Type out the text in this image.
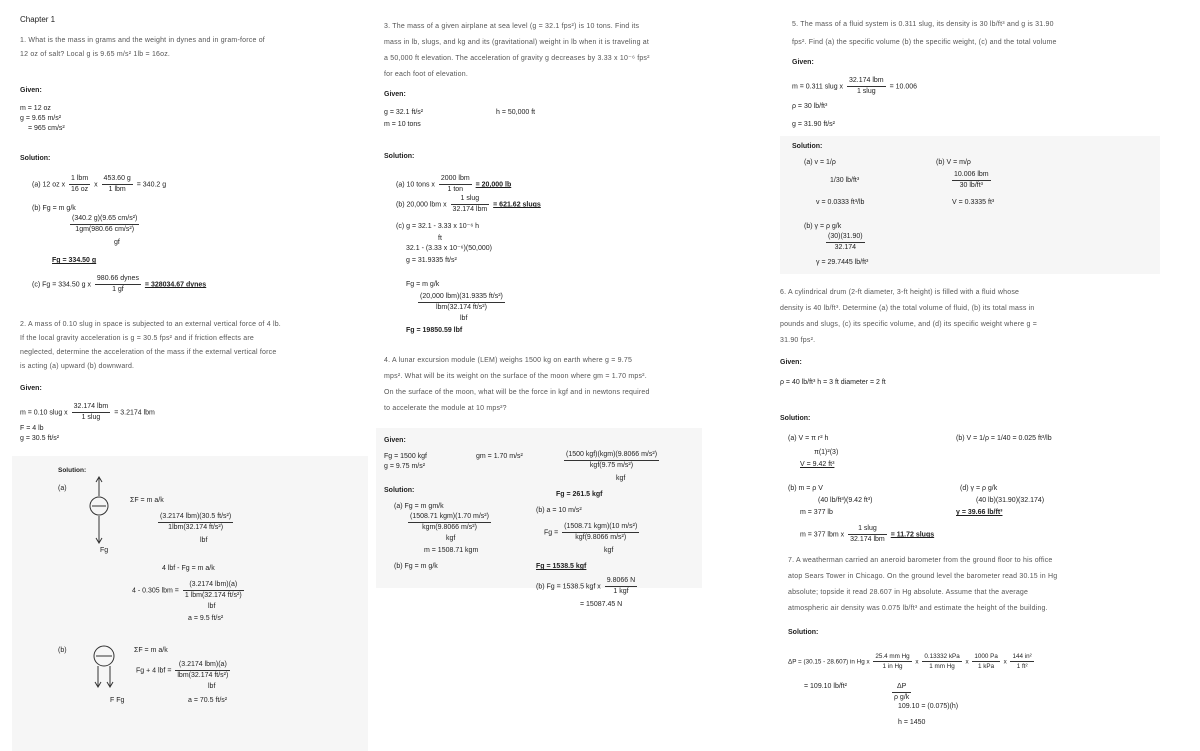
Chapter 1
1. What is the mass in grams and the weight in dynes and in gram-force of
12 oz of salt? Local g is 9.65 m/s² 1lb = 16oz.
Given:
m = 12 oz
g = 9.65 m/s²
= 965 cm/s²
Solution:
(a) 12 oz x $\frac{\text{1 lbm}}{16 oz}$ x $\frac{453.60 g}{\text{1 lbm}} = 340.2$ g
(b) Fg = m g/k
$\frac{\text{(340.2 g)(9.65 cm/s²)}}{\text{1gm(980.66 cm/s²)}}$
gf
Fg = 334.50 g
(c) Fg = 334.50 g x $\frac{\text{980.66 dynes}}{1 gf} = 328034.67$ dynes
2. A mass of 0.10 slug in space is subjected to an external vertical force of 4 lb.
If the local gravity acceleration is g = 30.5 fps² and if friction effects are
neglected, determine the acceleration of the mass if the external vertical force
is acting (a) upward (b) downward.
Given:
m = 0.10 slug x $\frac{\text{32.174 lbm}}{\text{1 slug}} = 3.2174$ lbm
F = 4 lb
g = 30.5 ft/s²
Solution:
(a)
ΣF = m a/k
$\frac{\text{(3.2174 lbm)(30.5 ft/s²)}}{\text{1lbm(32.174 ft/s²)}}$
lbf
Fg
4 lbf - Fg = m a/k
4 - 0.305 lbm = $\frac{\text{(3.2174 lbm)(a)}}{\text{1 lbm(32.174 ft/s²)}}$
lbf
a = 9.5 ft/s²
(b)	ΣF = m a/k
Fg + 4 lbf = $\frac{\text{(3.2174 lbm)(a)}}{\text{lbm(32.174 ft/s²)}}$
lbf
F Fg	a = 70.5 ft/s²
3. The mass of a given airplane at sea level (g = 32.1 fps²) is 10 tons. Find its
mass in lb, slugs, and kg and its (gravitational) weight in lb when it is traveling at
a 50,000 ft elevation. The acceleration of gravity g decreases by 3.33 x 10⁻⁶ fps²
for each foot of elevation.
Given:
g = 32.1 ft/s²
m = 10 tons
h = 50,000 ft
Solution:
(a) 10 tons x $\frac{\text{2000 lbm}}{\text{1 ton}} = 20,000$ lb
(b) 20,000 lbm x $\frac{\text{1 slug}}{\text{32.174 lbm}} = 621.62$ slugs
(c) g = 32.1 - 3.33 x 10⁻⁶ h
ft
32.1 - (3.33 x 10⁻⁶)(50,000)
g = 31.9335 ft/s²
Fg = m g/k
$\frac{\text{(20,000 lbm)(31.9335 ft/s²)}}{\text{lbm(32.174 ft/s²)}}$
lbf
Fg = 19850.59 lbf
4. A lunar excursion module (LEM) weighs 1500 kg on earth where g = 9.75
mps². What will be its weight on the surface of the moon where gm = 1.70 mps².
On the surface of the moon, what will be the force in kgf and in newtons required
to accelerate the module at 10 mps²?
Given:
Fg = 1500 kgf
g = 9.75 m/s²
gm = 1.70 m/s²	$\frac{\text{(1500 kgf)(kgm)(9.8066 m/s²)}}{\text{kgf(9.75 m/s²)}}$
kgf
Solution:
(a) Fg = m gm/k
$\frac{\text{(1508.71 kgm)(1.70 m/s²)}}{\text{kgm(9.8066 m/s²)}}$
kgf
m = 1508.71 kgm
(b) Fg = m g/k
Fg = 261.5 kgf
(b) a = 10 m/s²
$Fg = \frac{\text{(1508.71 kgm)(10 m/s²)}}{\text{kgf(9.8066 m/s²)}}$
kgf
Fg = 1538.5 kgf
(b) Fg = 1538.5 kgf x $\frac{9.8066 N}{\text{1 kgf}}$
= 15087.45 N
5. The mass of a fluid system is 0.311 slug, its density is 30 lb/ft³ and g is 31.90
fps². Find (a) the specific volume (b) the specific weight, (c) and the total volume
Given:
m = 0.311 slug x $\frac{\text{32.174 lbm}}{\text{1 slug}} = 10.006$
ρ = 30 lb/ft³
g = 31.90 ft/s²
Solution:
(a) v = 1/ρ
1/30 lb/ft³
v = 0.0333 ft³/lb
(b) V = m/ρ
$\frac{\text{10.006 lbm}}{\text{30 lb/ft³}}$
V = 0.3335 ft³
(b) γ = ρ g/k
$\frac{(30)(31.90)}{32.174}$
γ = 29.7445 lb/ft³
6. A cylindrical drum (2-ft diameter, 3-ft height) is filled with a fluid whose
density is 40 lb/ft³. Determine (a) the total volume of fluid, (b) its total mass in
pounds and slugs, (c) its specific volume, and (d) its specific weight where g =
31.90 fps².
Given:
ρ = 40 lb/ft³ h = 3 ft diameter = 2 ft
Solution:
(a) V = π r² h
π(1)²(3)
V = 9.42 ft³
(b) V = 1/ρ = 1/40 = 0.025 ft³/lb
(b) m = ρ V
(40 lb/ft³)(9.42 ft³)
m = 377 lb
m = 377 lbm x $\frac{\text{1 slug}}{\text{32.174 lbm}} = 11.72$ slugs
(d) γ = ρ g/k
(40 lb)(31.90)(32.174)
γ = 39.66 lb/ft³
7. A weatherman carried an aneroid barometer from the ground floor to his office
atop Sears Tower in Chicago. On the ground level the barometer read 30.15 in Hg
absolute; topside it read 28.607 in Hg absolute. Assume that the average
atmospheric air density was 0.075 lb/ft³ and estimate the height of the building.
Solution:
ΔP = (30.15 - 28.607) in Hg x $\frac{\text{25.4 mm Hg}}{\text{1 in Hg}}$ x $\frac{\text{0.13332 kPa}}{\text{1 mm Hg}}$ x $\frac{1000 Pa}{\text{1 kPa}}$ x $\frac{\text{144 in²}}{\text{1 ft²}}$
= 109.10 lb/ft²	$\frac{\Delta P}{\text{ρ g/k}}$
109.10 = (0.075)(h)
h = 1450
